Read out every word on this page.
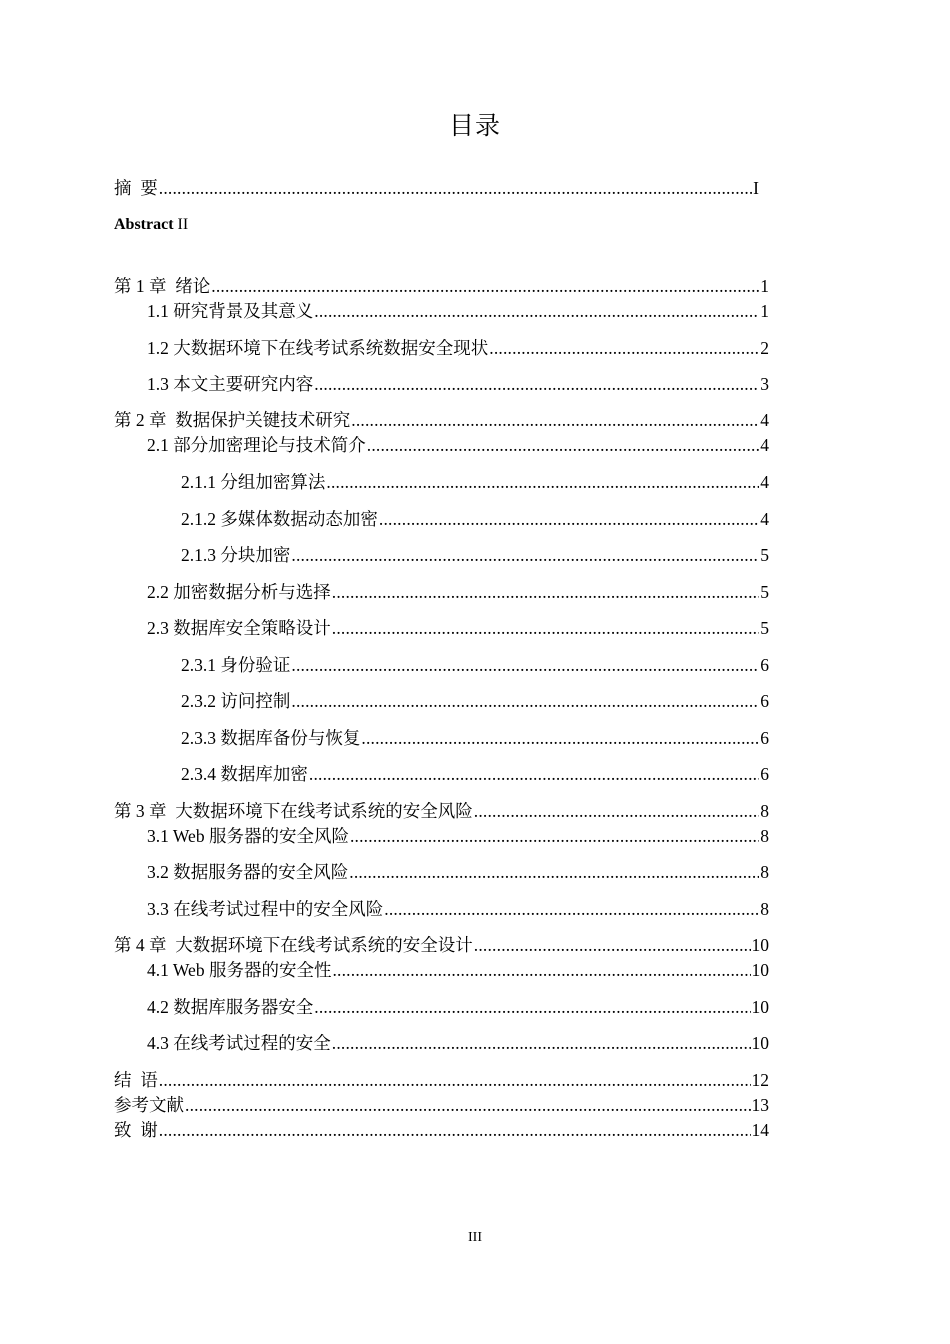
目录
摘  要 .....	I
Abstract II
第 1 章  绪论 .....	1
1.1 研究背景及其意义 .....	1
1.2 大数据环境下在线考试系统数据安全现状 .....	2
1.3 本文主要研究内容 .....	3
第 2 章  数据保护关键技术研究 .....	4
2.1 部分加密理论与技术简介 .....	4
2.1.1 分组加密算法 .....	4
2.1.2 多媒体数据动态加密 .....	4
2.1.3 分块加密 .....	5
2.2 加密数据分析与选择 .....	5
2.3 数据库安全策略设计 .....	5
2.3.1 身份验证 .....	6
2.3.2 访问控制 .....	6
2.3.3 数据库备份与恢复 .....	6
2.3.4 数据库加密 .....	6
第 3 章  大数据环境下在线考试系统的安全风险 .....	8
3.1 Web 服务器的安全风险 .....	8
3.2 数据服务器的安全风险 .....	8
3.3 在线考试过程中的安全风险 .....	8
第 4 章  大数据环境下在线考试系统的安全设计 .....	10
4.1 Web 服务器的安全性 .....	10
4.2 数据库服务器安全 .....	10
4.3 在线考试过程的安全 .....	10
结  语 .....	12
参考文献 .....	13
致  谢 .....	14
III
